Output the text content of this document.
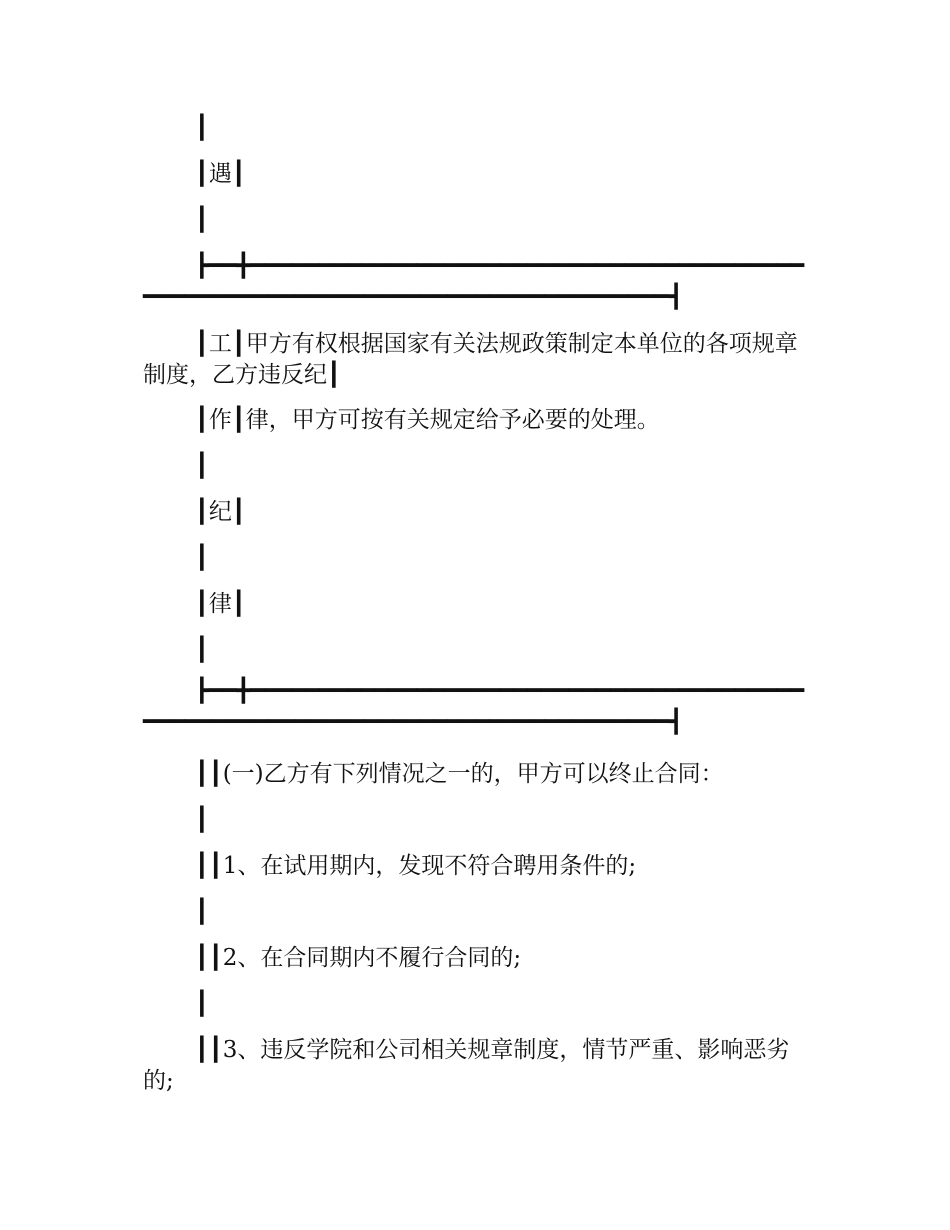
┃
┃遇┃
┃
┣━━╋━━━━━━━━━━━━━━━━━━━━━━━━━━━━━━━━━━━━━━━━━━━━━━━━━━━━━━━━━━━━━━━━━━━━━━━━━━━━━━┫
┃工┃甲方有权根据国家有关法规政策制定本单位的各项规章制度，乙方违反纪┃
┃作┃律，甲方可按有关规定给予必要的处理。
┃
┃纪┃
┃
┃律┃
┃
┣━━╋━━━━━━━━━━━━━━━━━━━━━━━━━━━━━━━━━━━━━━━━━━━━━━━━━━━━━━━━━━━━━━━━━━━━━━━━━━━━━━┫
┃┃(一)乙方有下列情况之一的，甲方可以终止合同：
┃
┃┃1、在试用期内，发现不符合聘用条件的;
┃
┃┃2、在合同期内不履行合同的;
┃
┃┃3、违反学院和公司相关规章制度，情节严重、影响恶劣的;
